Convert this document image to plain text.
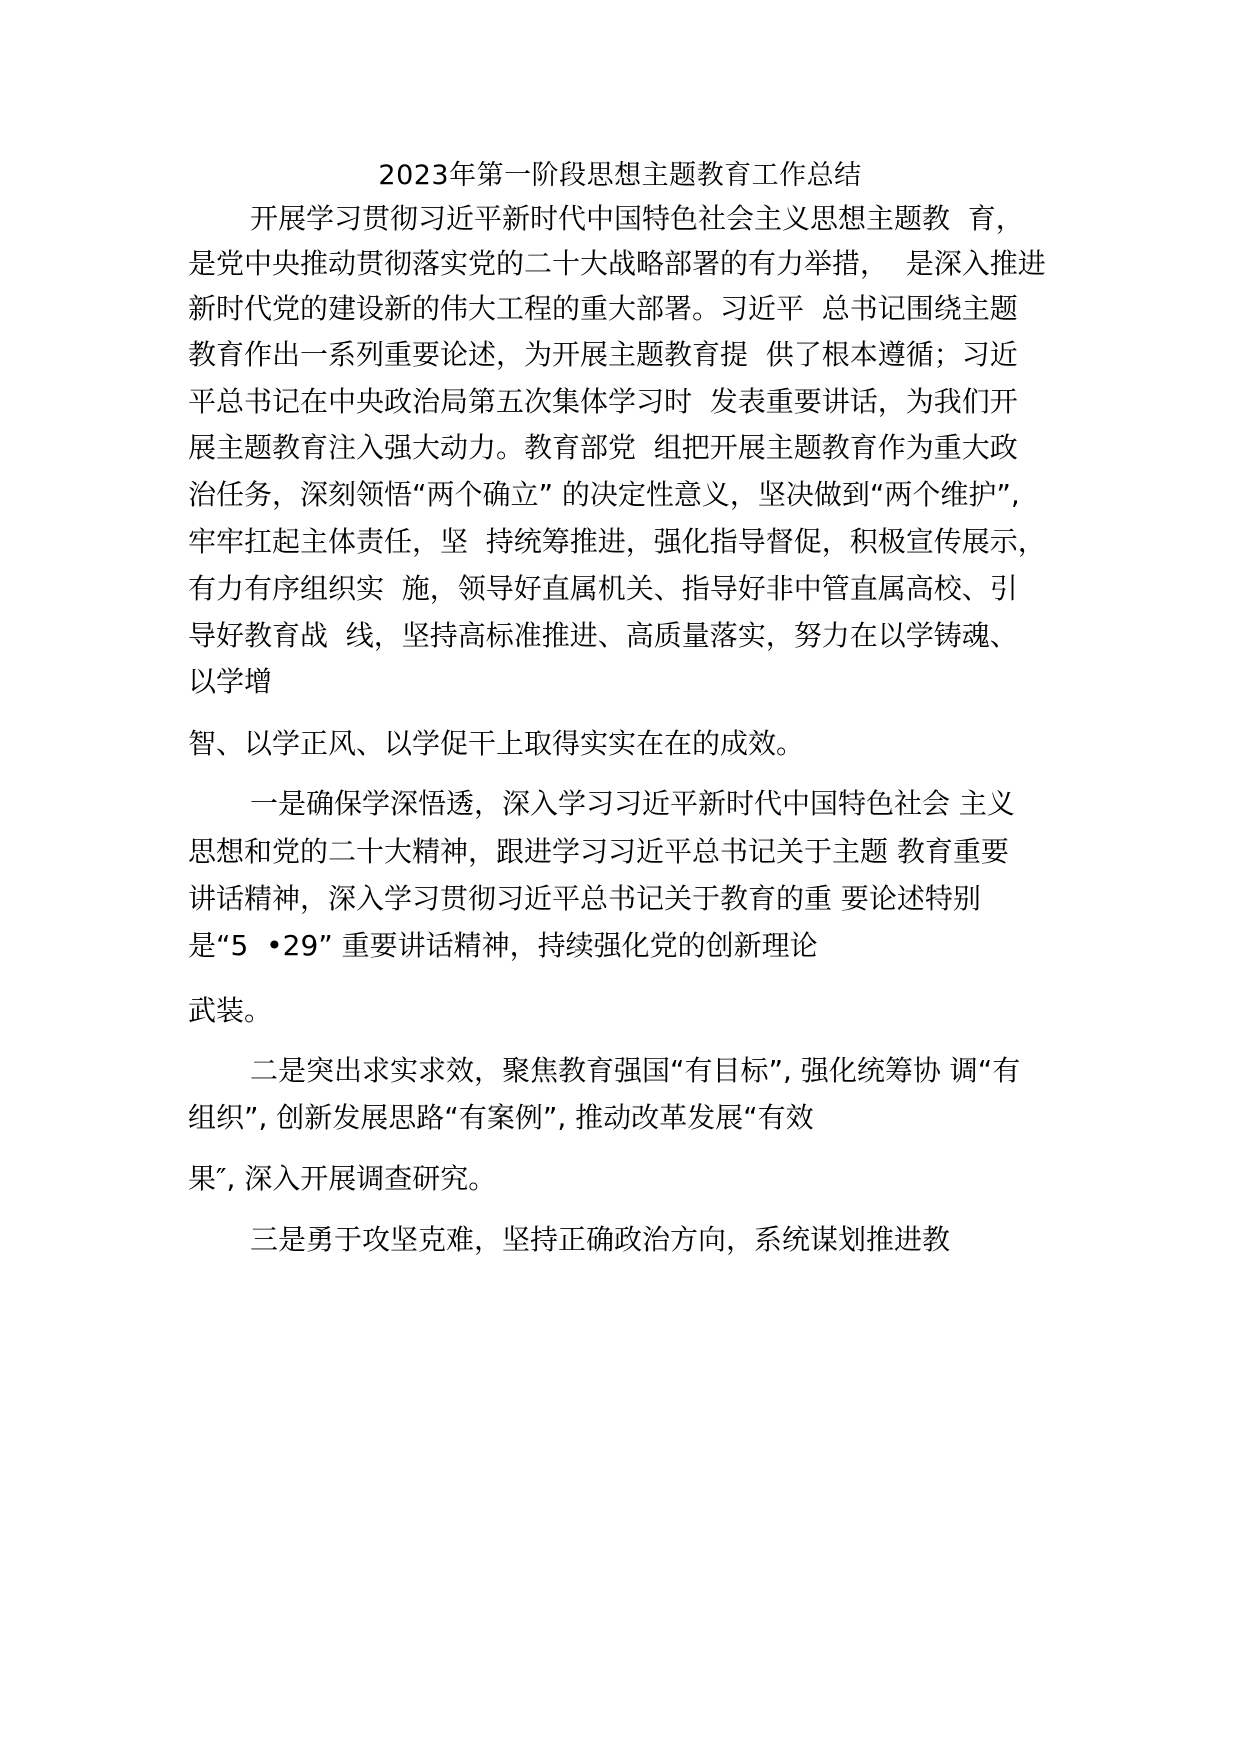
2023年第一阶段思想主题教育工作总结
开展学习贯彻习近平新时代中国特色社会主义思想主题教  育，
是党中央推动贯彻落实党的二十大战略部署的有力举措，  是深入推进
新时代党的建设新的伟大工程的重大部署。习近平  总书记围绕主题
教育作出一系列重要论述，为开展主题教育提  供了根本遵循；习近
平总书记在中央政治局第五次集体学习时  发表重要讲话，为我们开
展主题教育注入强大动力。教育部党  组把开展主题教育作为重大政
治任务，深刻领悟“两个确立” 的决定性意义，坚决做到“两个维护”,
牢牢扛起主体责任，坚  持统筹推进，强化指导督促，积极宣传展示，
有力有序组织实  施，领导好直属机关、指导好非中管直属高校、引
导好教育战  线，坚持高标准推进、高质量落实，努力在以学铸魂、
以学增
智、以学正风、以学促干上取得实实在在的成效。
一是确保学深悟透，深入学习习近平新时代中国特色社会 主义
思想和党的二十大精神，跟进学习习近平总书记关于主题 教育重要
讲话精神，深入学习贯彻习近平总书记关于教育的重 要论述特别
是“5  •29” 重要讲话精神，持续强化党的创新理论
武装。
二是突出求实求效，聚焦教育强国“有目标”, 强化统筹协 调“有
组织”, 创新发展思路“有案例”, 推动改革发展“有效
果″, 深入开展调查研究。
三是勇于攻坚克难，坚持正确政治方向，系统谋划推进教
